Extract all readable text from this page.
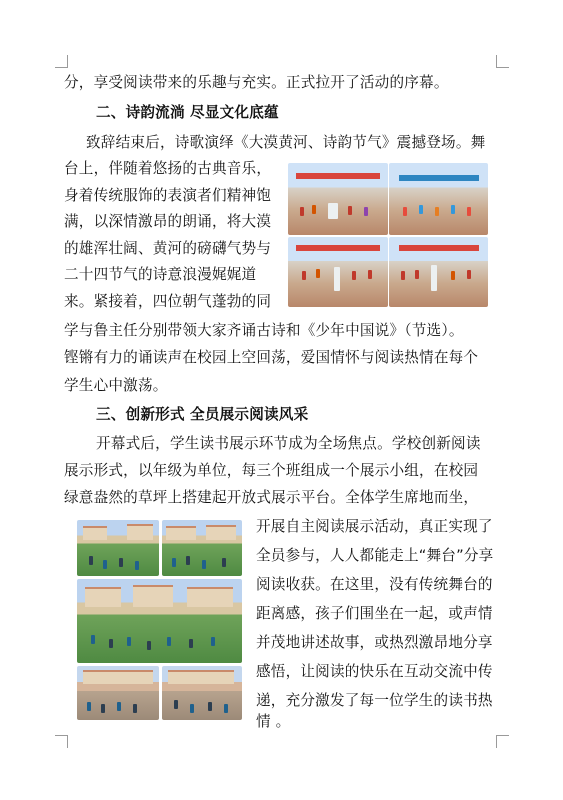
分，享受阅读带来的乐趣与充实。正式拉开了活动的序幕。
二、诗韵流淌 尽显文化底蕴
致辞结束后，诗歌演绎《大漠黄河、诗韵节气》震撼登场。舞
台上，伴随着悠扬的古典音乐，
身着传统服饰的表演者们精神饱
满，以深情激昂的朗诵，将大漠
的雄浑壮阔、黄河的磅礴气势与
二十四节气的诗意浪漫娓娓道
来。紧接着，四位朝气蓬勃的同
学与鲁主任分别带领大家齐诵古诗和《少年中国说》（节选）。
铿锵有力的诵读声在校园上空回荡，爱国情怀与阅读热情在每个
学生心中激荡。
三、创新形式 全员展示阅读风采
开幕式后，学生读书展示环节成为全场焦点。学校创新阅读
展示形式，以年级为单位，每三个班组成一个展示小组，在校园
绿意盎然的草坪上搭建起开放式展示平台。全体学生席地而坐，
开展自主阅读展示活动，真正实现了
全员参与，人人都能走上“舞台”分享
阅读收获。在这里，没有传统舞台的
距离感，孩子们围坐在一起，或声情
并茂地讲述故事，或热烈激昂地分享
感悟，让阅读的快乐在互动交流中传
递，充分激发了每一位学生的读书热
情 。
